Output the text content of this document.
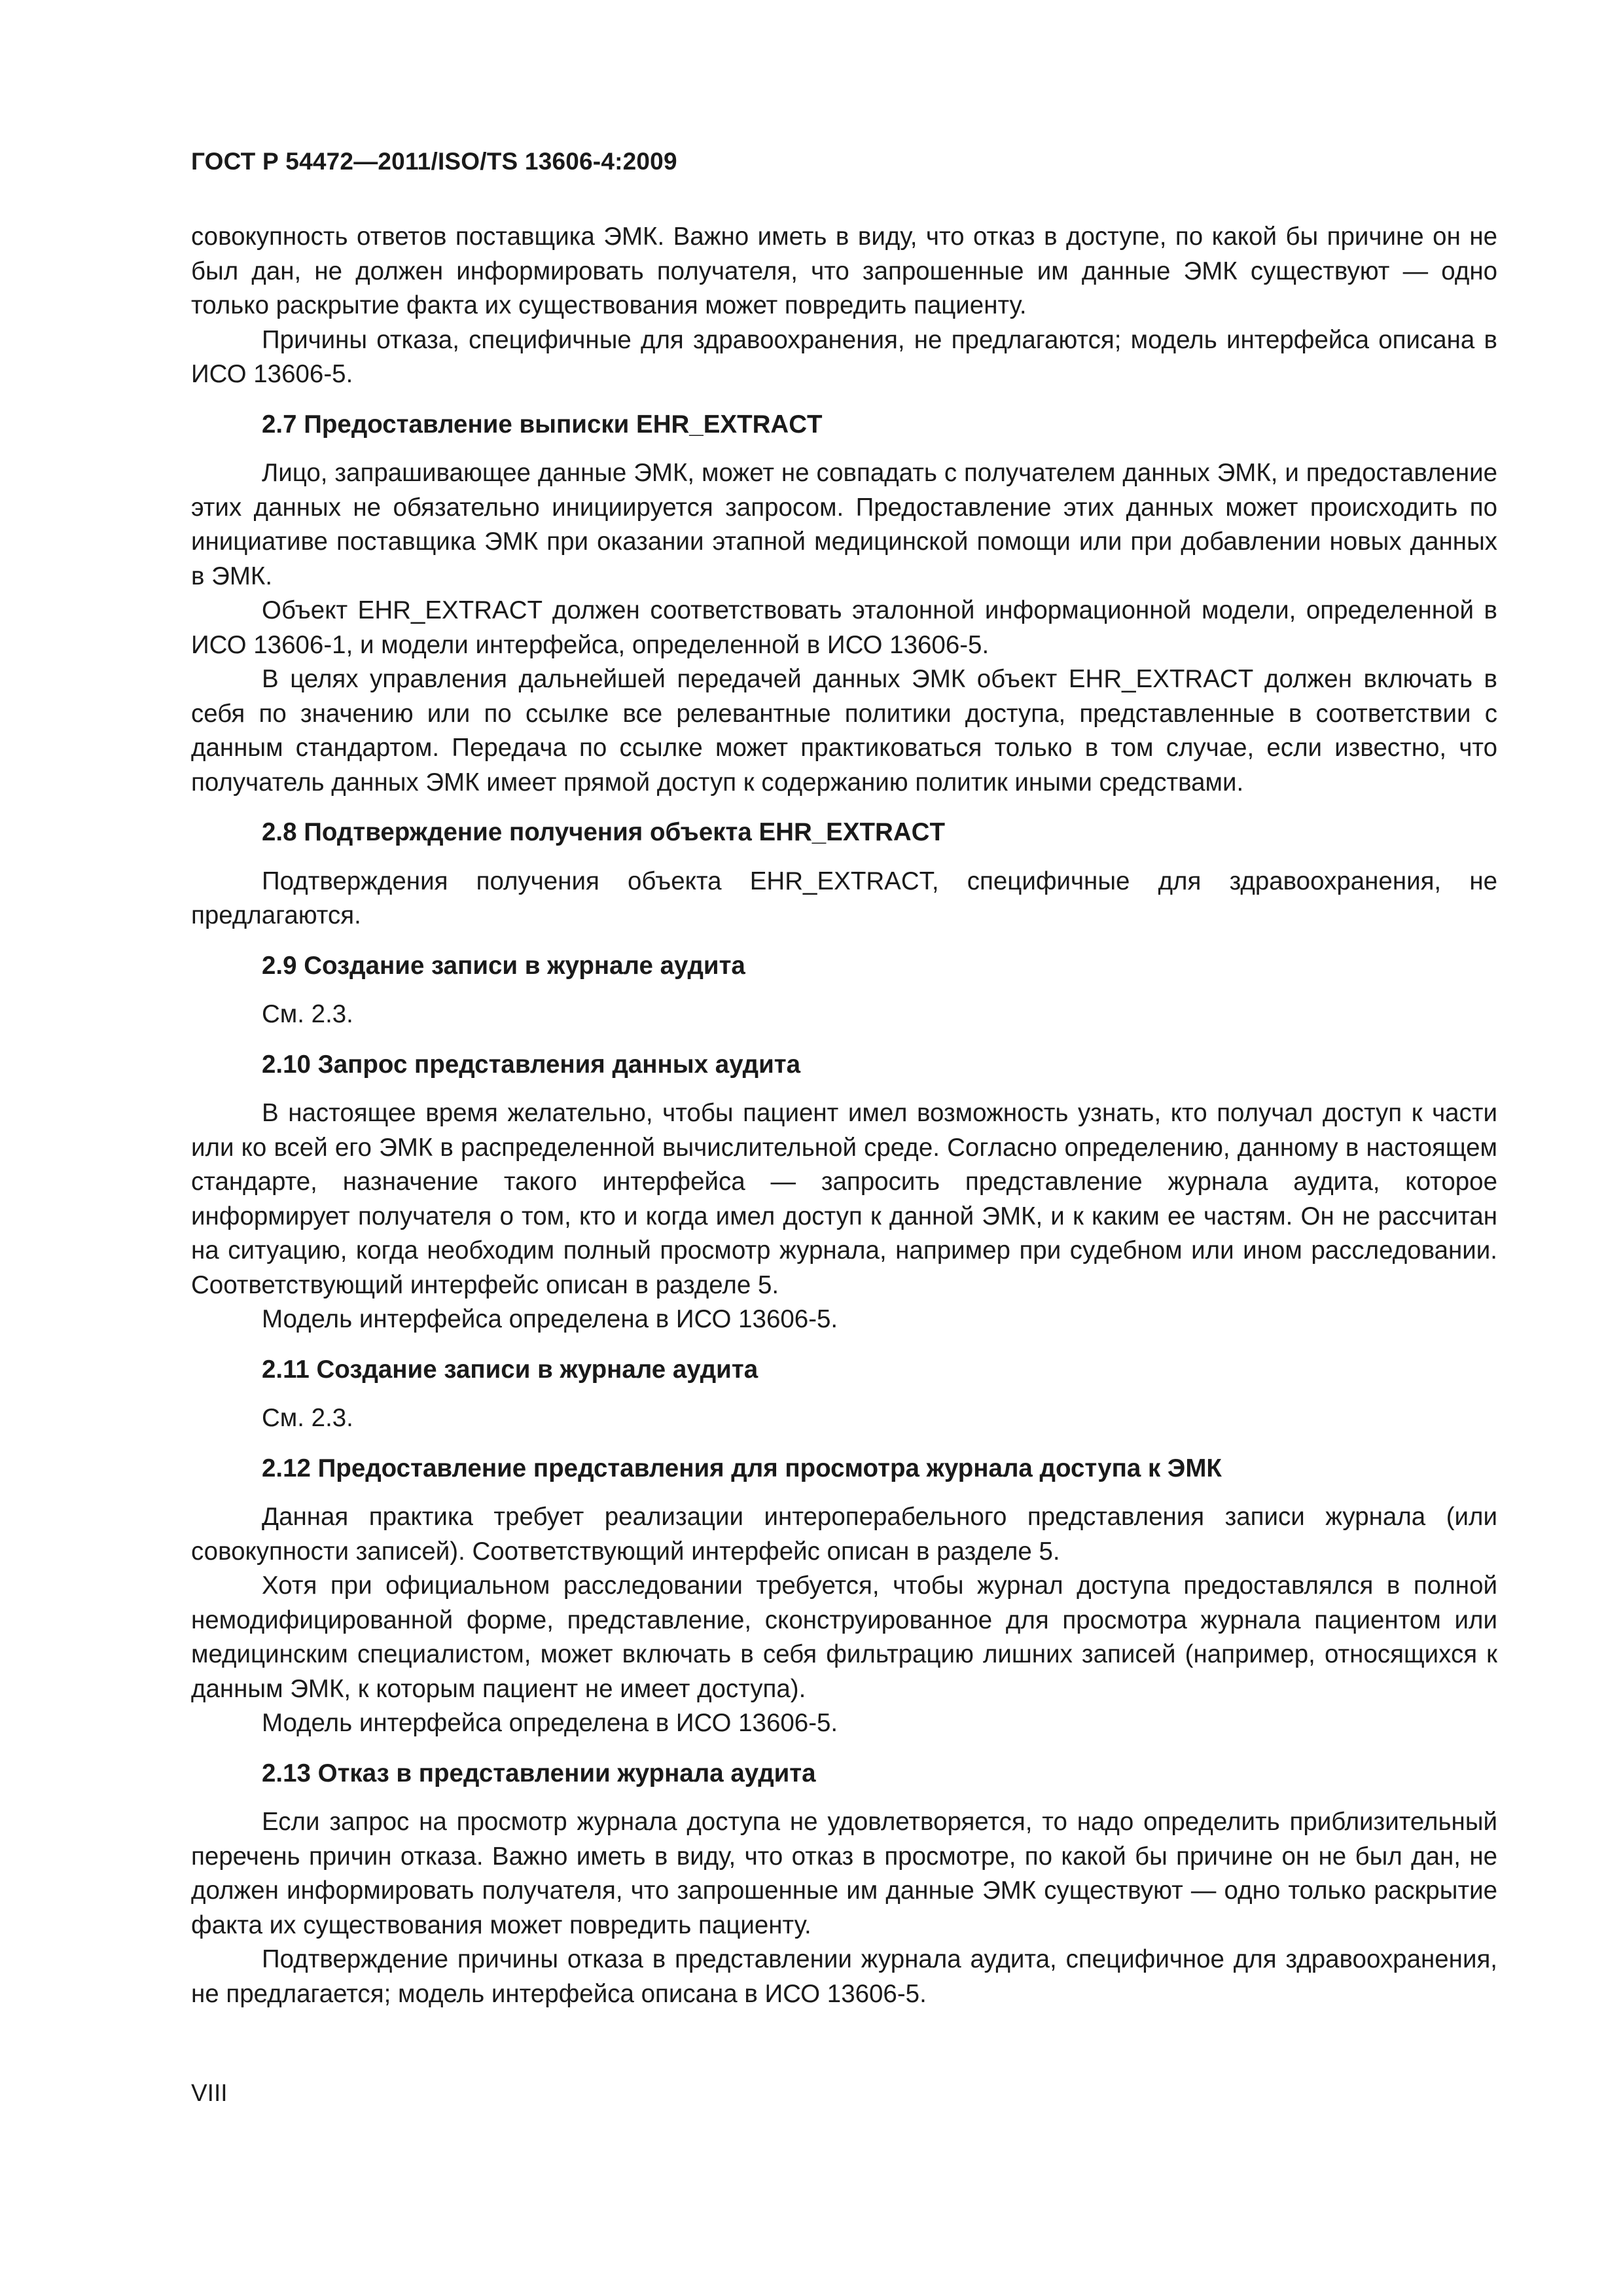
ГОСТ Р 54472—2011/ISO/TS 13606-4:2009

совокупность ответов поставщика ЭМК. Важно иметь в виду, что отказ в доступе, по какой бы причине он не был дан, не должен информировать получателя, что запрошенные им данные ЭМК существуют — одно только раскрытие факта их существования может повредить пациенту.

Причины отказа, специфичные для здравоохранения, не предлагаются; модель интерфейса описана в ИСО 13606-5.

2.7 Предоставление выписки EHR_EXTRACT

Лицо, запрашивающее данные ЭМК, может не совпадать с получателем данных ЭМК, и предоставление этих данных не обязательно инициируется запросом. Предоставление этих данных может происходить по инициативе поставщика ЭМК при оказании этапной медицинской помощи или при добавлении новых данных в ЭМК.

Объект EHR_EXTRACT должен соответствовать эталонной информационной модели, определенной в ИСО 13606-1, и модели интерфейса, определенной в ИСО 13606-5.

В целях управления дальнейшей передачей данных ЭМК объект EHR_EXTRACT должен включать в себя по значению или по ссылке все релевантные политики доступа, представленные в соответствии с данным стандартом. Передача по ссылке может практиковаться только в том случае, если известно, что получатель данных ЭМК имеет прямой доступ к содержанию политик иными средствами.

2.8 Подтверждение получения объекта EHR_EXTRACT

Подтверждения получения объекта EHR_EXTRACT, специфичные для здравоохранения, не предлагаются.

2.9 Создание записи в журнале аудита

См. 2.3.

2.10 Запрос представления данных аудита

В настоящее время желательно, чтобы пациент имел возможность узнать, кто получал доступ к части или ко всей его ЭМК в распределенной вычислительной среде. Согласно определению, данному в настоящем стандарте, назначение такого интерфейса — запросить представление журнала аудита, которое информирует получателя о том, кто и когда имел доступ к данной ЭМК, и к каким ее частям. Он не рассчитан на ситуацию, когда необходим полный просмотр журнала, например при судебном или ином расследовании. Соответствующий интерфейс описан в разделе 5.

Модель интерфейса определена в ИСО 13606-5.

2.11 Создание записи в журнале аудита

См. 2.3.

2.12 Предоставление представления для просмотра журнала доступа к ЭМК

Данная практика требует реализации интероперабельного представления записи журнала (или совокупности записей). Соответствующий интерфейс описан в разделе 5.

Хотя при официальном расследовании требуется, чтобы журнал доступа предоставлялся в полной немодифицированной форме, представление, сконструированное для просмотра журнала пациентом или медицинским специалистом, может включать в себя фильтрацию лишних записей (например, относящихся к данным ЭМК, к которым пациент не имеет доступа).

Модель интерфейса определена в ИСО 13606-5.

2.13 Отказ в представлении журнала аудита

Если запрос на просмотр журнала доступа не удовлетворяется, то надо определить приблизительный перечень причин отказа. Важно иметь в виду, что отказ в просмотре, по какой бы причине он не был дан, не должен информировать получателя, что запрошенные им данные ЭМК существуют — одно только раскрытие факта их существования может повредить пациенту.

Подтверждение причины отказа в представлении журнала аудита, специфичное для здравоохранения, не предлагается; модель интерфейса описана в ИСО 13606-5.

VIII
